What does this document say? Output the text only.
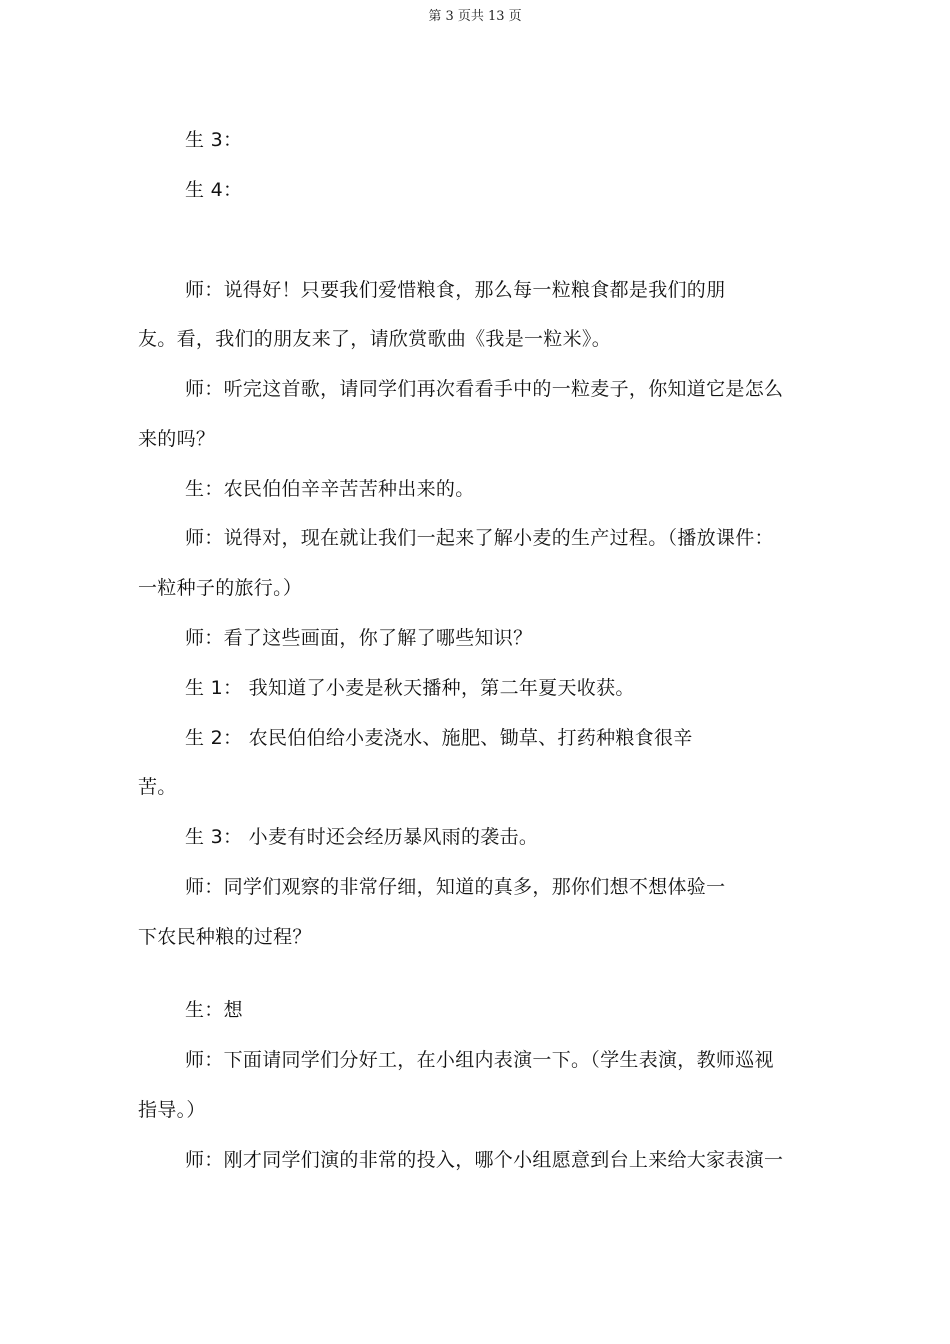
第 3 页共 13 页
生 3：
生 4：
师：说得好！只要我们爱惜粮食，那么每一粒粮食都是我们的朋
友。看，我们的朋友来了，请欣赏歌曲《我是一粒米》。
师：听完这首歌，请同学们再次看看手中的一粒麦子，你知道它是怎么
来的吗？
生：农民伯伯辛辛苦苦种出来的。
师：说得对，现在就让我们一起来了解小麦的生产过程。（播放课件：
一粒种子的旅行。）
师：看了这些画面，你了解了哪些知识？
生 1： 我知道了小麦是秋天播种，第二年夏天收获。
生 2： 农民伯伯给小麦浇水、施肥、锄草、打药种粮食很辛
苦。
生 3： 小麦有时还会经历暴风雨的袭击。
师：同学们观察的非常仔细，知道的真多，那你们想不想体验一
下农民种粮的过程？
生：想
师：下面请同学们分好工，在小组内表演一下。（学生表演，教师巡视
指导。）
师：刚才同学们演的非常的投入，哪个小组愿意到台上来给大家表演一
